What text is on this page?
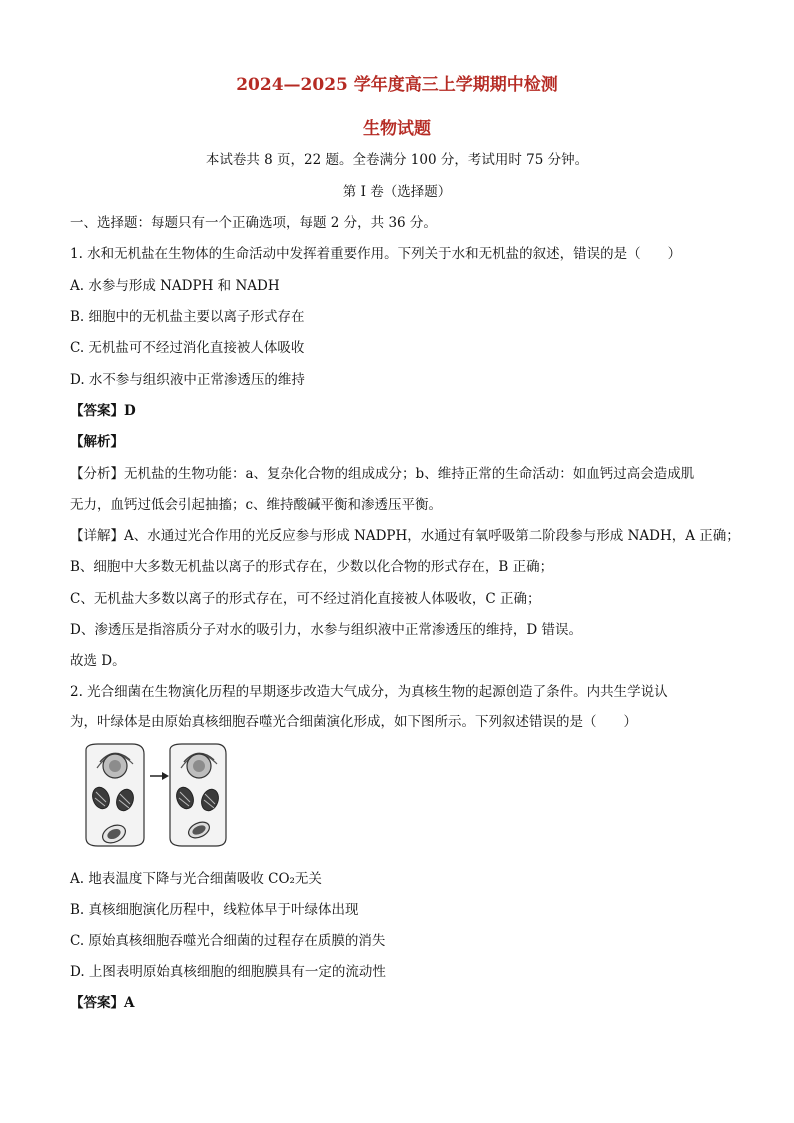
2024—2025 学年度高三上学期期中检测
生物试题
本试卷共 8 页，22 题。全卷满分 100 分，考试用时 75 分钟。
第 I 卷（选择题）
一、选择题：每题只有一个正确选项，每题 2 分，共 36 分。
1. 水和无机盐在生物体的生命活动中发挥着重要作用。下列关于水和无机盐的叙述，错误的是（　　）
A. 水参与形成 NADPH 和 NADH
B. 细胞中的无机盐主要以离子形式存在
C. 无机盐可不经过消化直接被人体吸收
D. 水不参与组织液中正常渗透压的维持
【答案】D
【解析】
【分析】无机盐的生物功能：a、复杂化合物的组成成分；b、维持正常的生命活动：如血钙过高会造成肌
无力，血钙过低会引起抽搐；c、维持酸碱平衡和渗透压平衡。
【详解】A、水通过光合作用的光反应参与形成 NADPH，水通过有氧呼吸第二阶段参与形成 NADH，A 正确；
B、细胞中大多数无机盐以离子的形式存在，少数以化合物的形式存在，B 正确；
C、无机盐大多数以离子的形式存在，可不经过消化直接被人体吸收，C 正确；
D、渗透压是指溶质分子对水的吸引力，水参与组织液中正常渗透压的维持，D 错误。
故选 D。
2. 光合细菌在生物演化历程的早期逐步改造大气成分，为真核生物的起源创造了条件。内共生学说认
为，叶绿体是由原始真核细胞吞噬光合细菌演化形成，如下图所示。下列叙述错误的是（　　）
A. 地表温度下降与光合细菌吸收 CO₂无关
B. 真核细胞演化历程中，线粒体早于叶绿体出现
C. 原始真核细胞吞噬光合细菌的过程存在质膜的消失
D. 上图表明原始真核细胞的细胞膜具有一定的流动性
【答案】A
